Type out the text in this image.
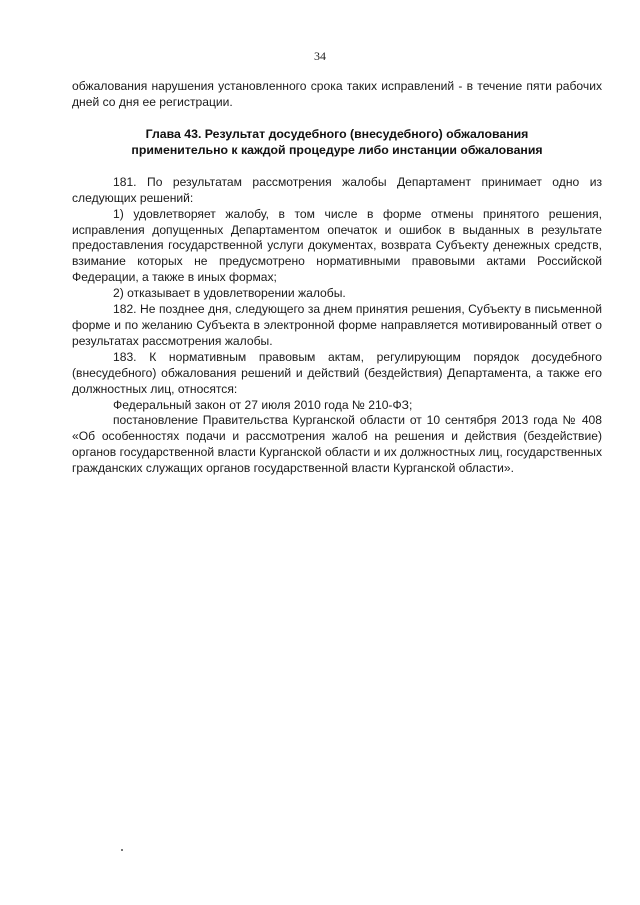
34

обжалования нарушения установленного срока таких исправлений - в течение пяти рабочих дней со дня ее регистрации.

Глава 43. Результат досудебного (внесудебного) обжалования
применительно к каждой процедуре либо инстанции обжалования

181. По результатам рассмотрения жалобы Департамент принимает одно из следующих решений:

1) удовлетворяет жалобу, в том числе в форме отмены принятого решения, исправления допущенных Департаментом опечаток и ошибок в выданных в результате предоставления государственной услуги документах, возврата Субъекту денежных средств, взимание которых не предусмотрено нормативными правовыми актами Российской Федерации, а также в иных формах;

2) отказывает в удовлетворении жалобы.

182. Не позднее дня, следующего за днем принятия решения, Субъекту в письменной форме и по желанию Субъекта в электронной форме направляется мотивированный ответ о результатах рассмотрения жалобы.

183. К нормативным правовым актам, регулирующим порядок досудебного (внесудебного) обжалования решений и действий (бездействия) Департамента, а также его должностных лиц, относятся:

Федеральный закон от 27 июля 2010 года № 210-ФЗ;

постановление Правительства Курганской области от 10 сентября 2013 года № 408 «Об особенностях подачи и рассмотрения жалоб на решения и действия (бездействие) органов государственной власти Курганской области и их должностных лиц, государственных гражданских служащих органов государственной власти Курганской области».
